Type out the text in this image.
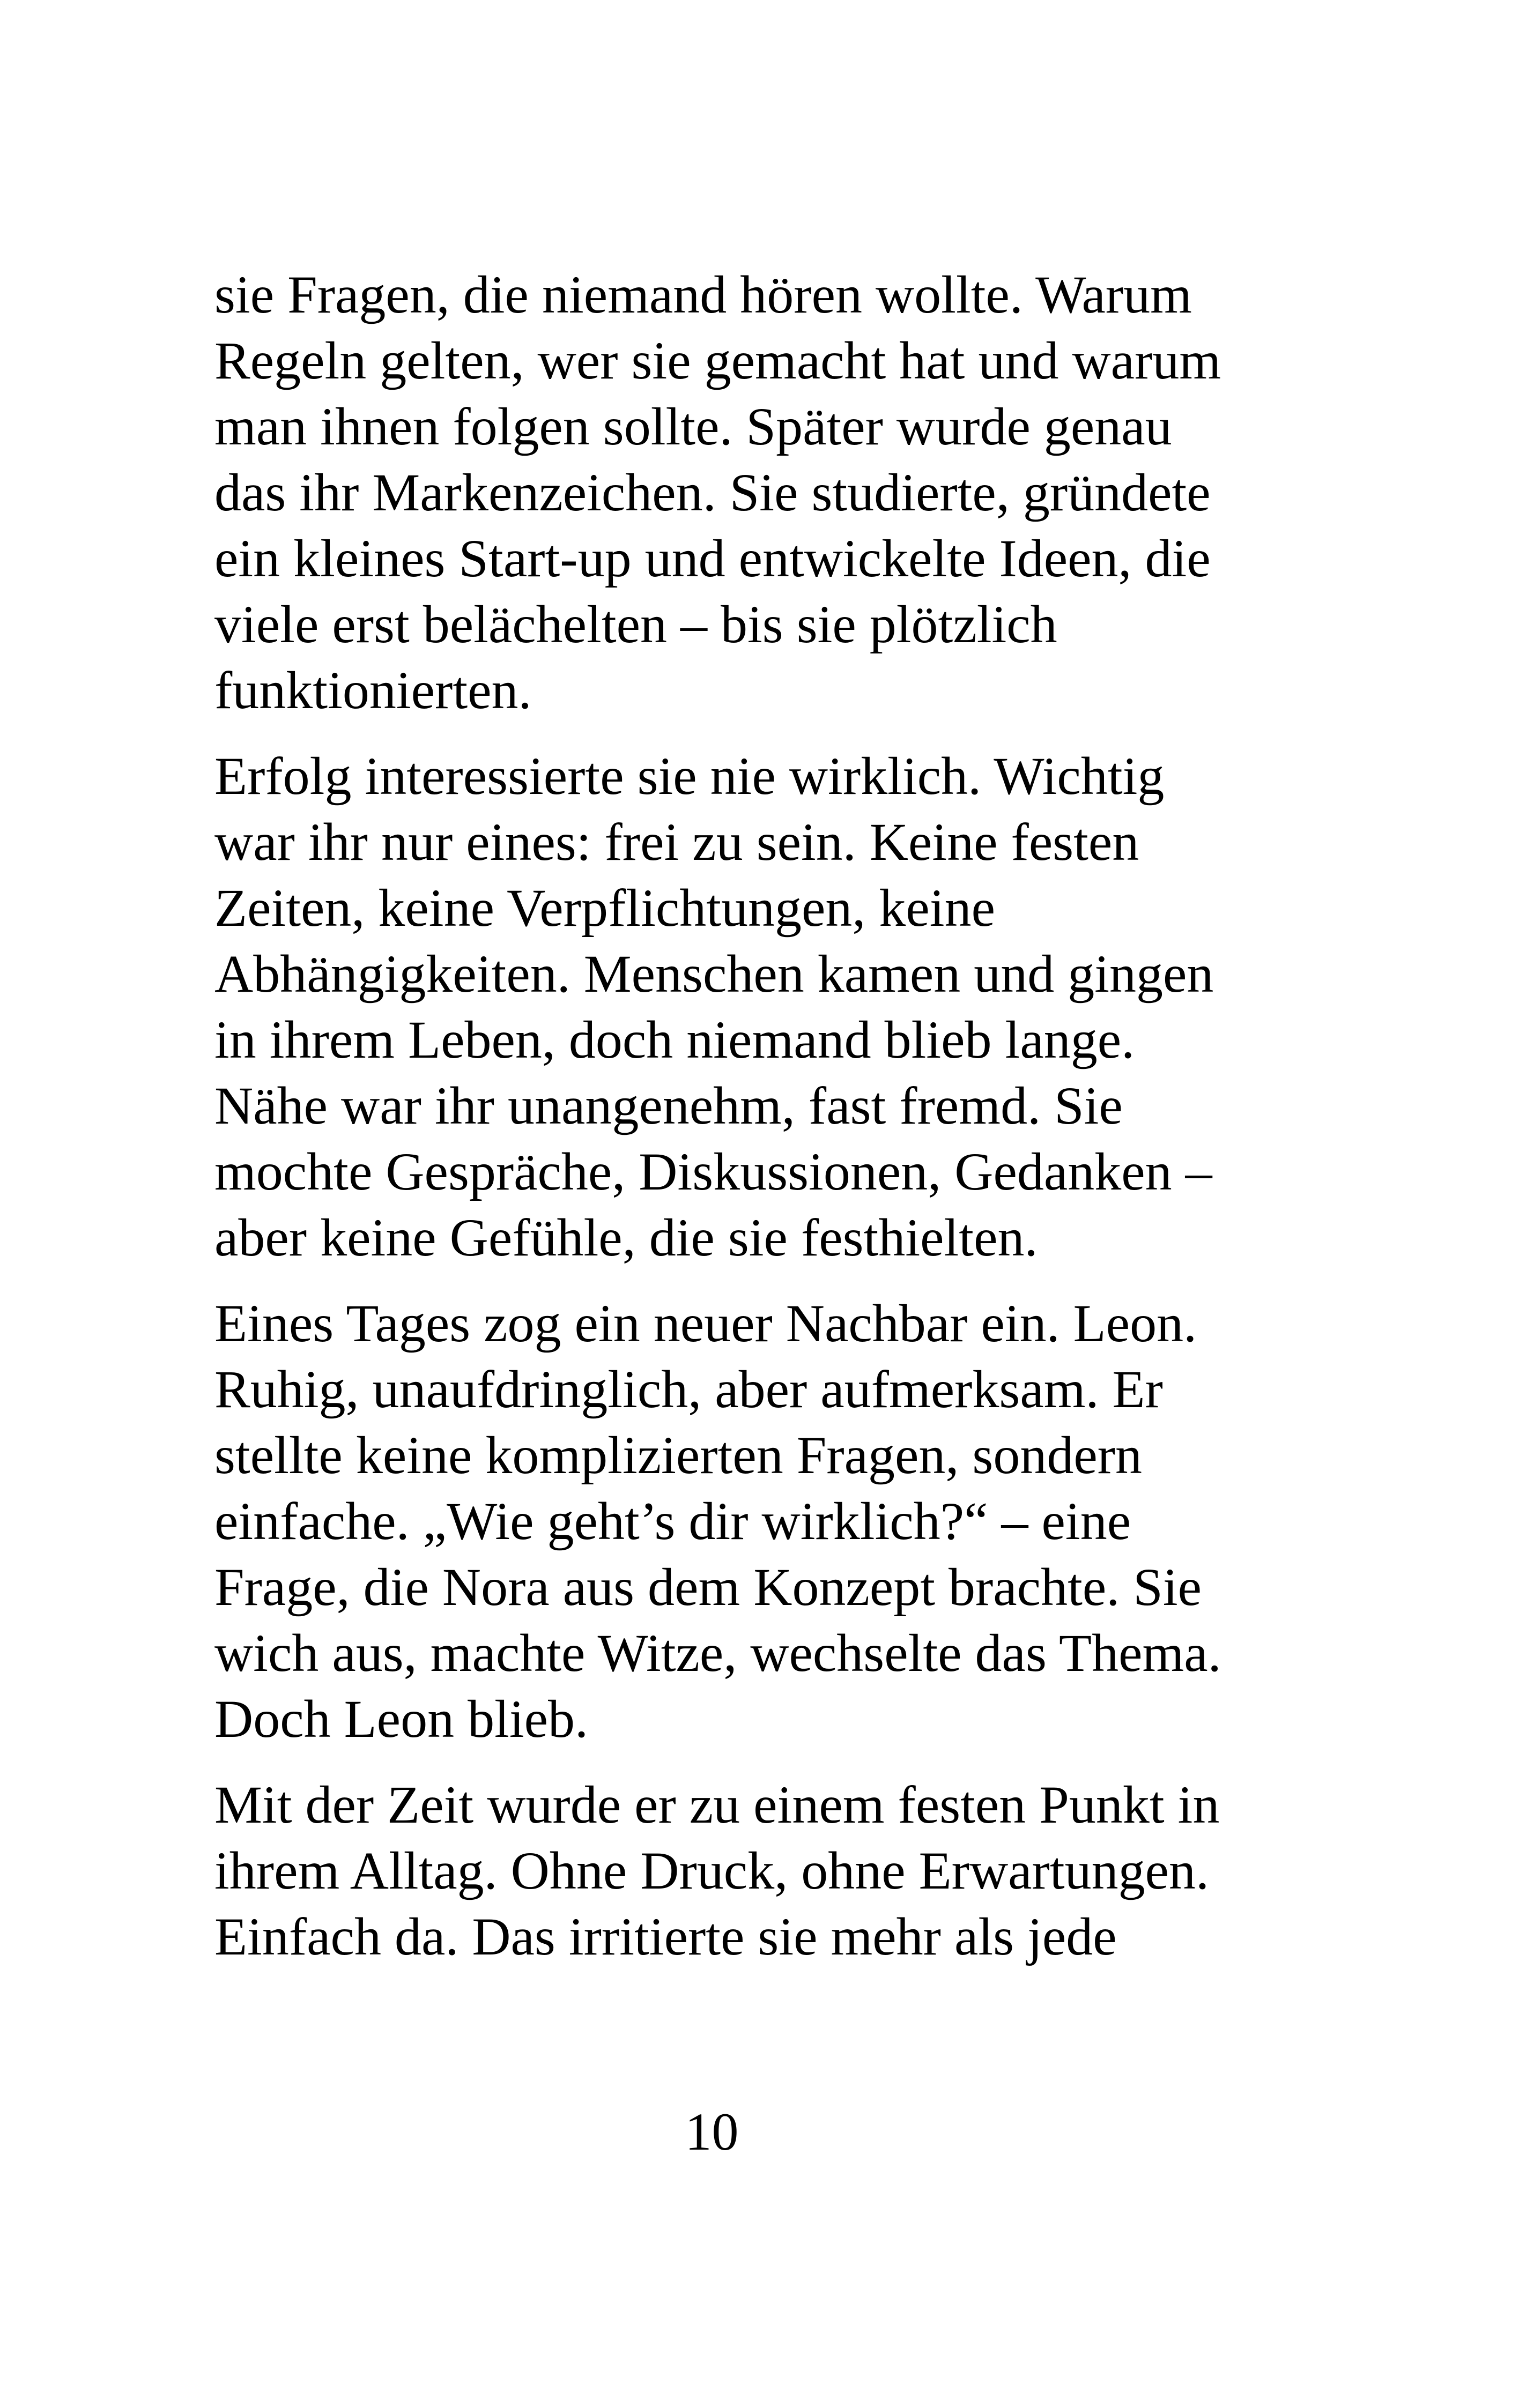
sie Fragen, die niemand hören wollte. Warum
Regeln gelten, wer sie gemacht hat und warum
man ihnen folgen sollte. Später wurde genau
das ihr Markenzeichen. Sie studierte, gründete
ein kleines Start-up und entwickelte Ideen, die
viele erst belächelten – bis sie plötzlich
funktionierten.

Erfolg interessierte sie nie wirklich. Wichtig
war ihr nur eines: frei zu sein. Keine festen
Zeiten, keine Verpflichtungen, keine
Abhängigkeiten. Menschen kamen und gingen
in ihrem Leben, doch niemand blieb lange.
Nähe war ihr unangenehm, fast fremd. Sie
mochte Gespräche, Diskussionen, Gedanken –
aber keine Gefühle, die sie festhielten.

Eines Tages zog ein neuer Nachbar ein. Leon.
Ruhig, unaufdringlich, aber aufmerksam. Er
stellte keine komplizierten Fragen, sondern
einfache. „Wie geht’s dir wirklich?“ – eine
Frage, die Nora aus dem Konzept brachte. Sie
wich aus, machte Witze, wechselte das Thema.
Doch Leon blieb.

Mit der Zeit wurde er zu einem festen Punkt in
ihrem Alltag. Ohne Druck, ohne Erwartungen.
Einfach da. Das irritierte sie mehr als jede

10
